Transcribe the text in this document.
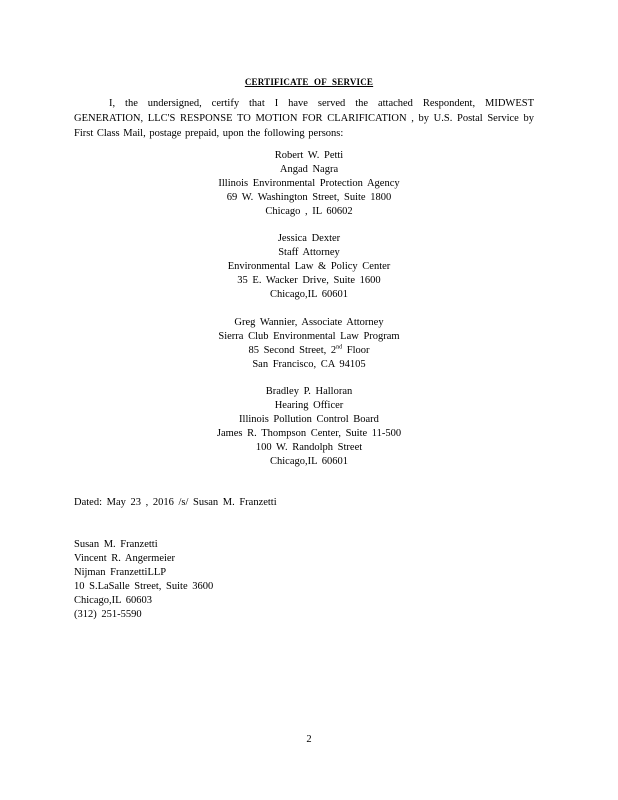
CERTIFICATE OF SERVICE
I, the undersigned, certify that I have served the attached Respondent, MIDWEST GENERATION, LLC'S RESPONSE TO MOTION FOR CLARIFICATION , by U.S. Postal Service by First Class Mail, postage prepaid, upon the following persons:
Robert W. Petti
Angad Nagra
Illinois Environmental Protection Agency
69 W. Washington Street, Suite 1800
Chicago , IL 60602
Jessica Dexter
Staff Attorney
Environmental Law & Policy Center
35 E. Wacker Drive, Suite 1600
Chicago,IL 60601
Greg Wannier, Associate Attorney
Sierra Club Environmental Law Program
85 Second Street, 2nd Floor
San Francisco, CA 94105
Bradley P. Halloran
Hearing Officer
Illinois Pollution Control Board
James R. Thompson Center, Suite 11-500
100 W. Randolph Street
Chicago,IL 60601
Dated: May 23 , 2016 /s/ Susan M. Franzetti
Susan M. Franzetti
Vincent R. Angermeier
Nijman FranzettiLLP
10 S.LaSalle Street, Suite 3600
Chicago,IL 60603
(312) 251-5590
2
